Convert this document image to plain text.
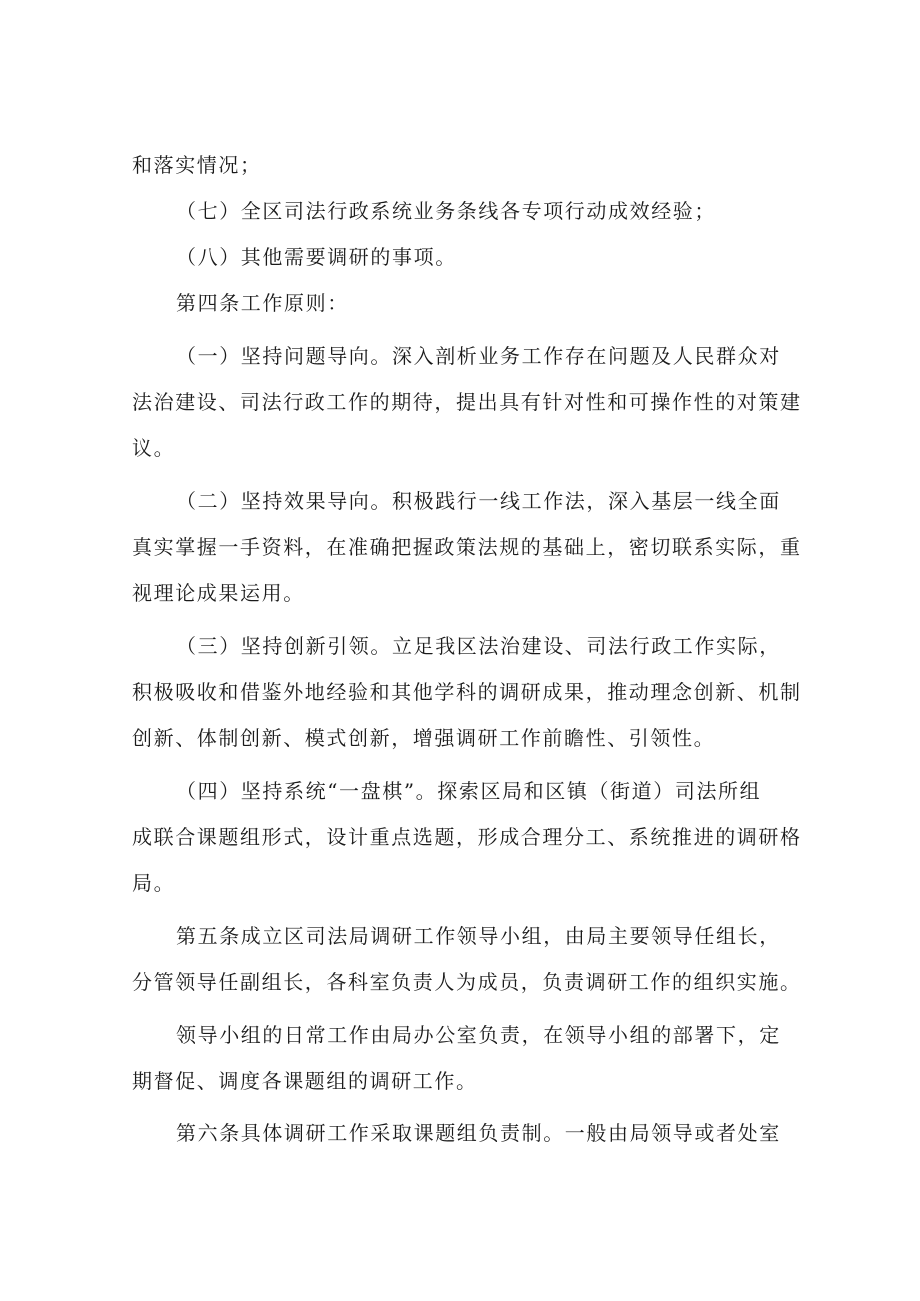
和落实情况；
（七）全区司法行政系统业务条线各专项行动成效经验；
（八）其他需要调研的事项。
第四条工作原则：
（一）坚持问题导向。深入剖析业务工作存在问题及人民群众对
法治建设、司法行政工作的期待，提出具有针对性和可操作性的对策建
议。
（二）坚持效果导向。积极践行一线工作法，深入基层一线全面
真实掌握一手资料，在准确把握政策法规的基础上，密切联系实际，重
视理论成果运用。
（三）坚持创新引领。立足我区法治建设、司法行政工作实际，
积极吸收和借鉴外地经验和其他学科的调研成果，推动理念创新、机制
创新、体制创新、模式创新，增强调研工作前瞻性、引领性。
（四）坚持系统“一盘棋”。探索区局和区镇（街道）司法所组
成联合课题组形式，设计重点选题，形成合理分工、系统推进的调研格
局。
第五条成立区司法局调研工作领导小组，由局主要领导任组长，
分管领导任副组长，各科室负责人为成员，负责调研工作的组织实施。
领导小组的日常工作由局办公室负责，在领导小组的部署下，定
期督促、调度各课题组的调研工作。
第六条具体调研工作采取课题组负责制。一般由局领导或者处室
